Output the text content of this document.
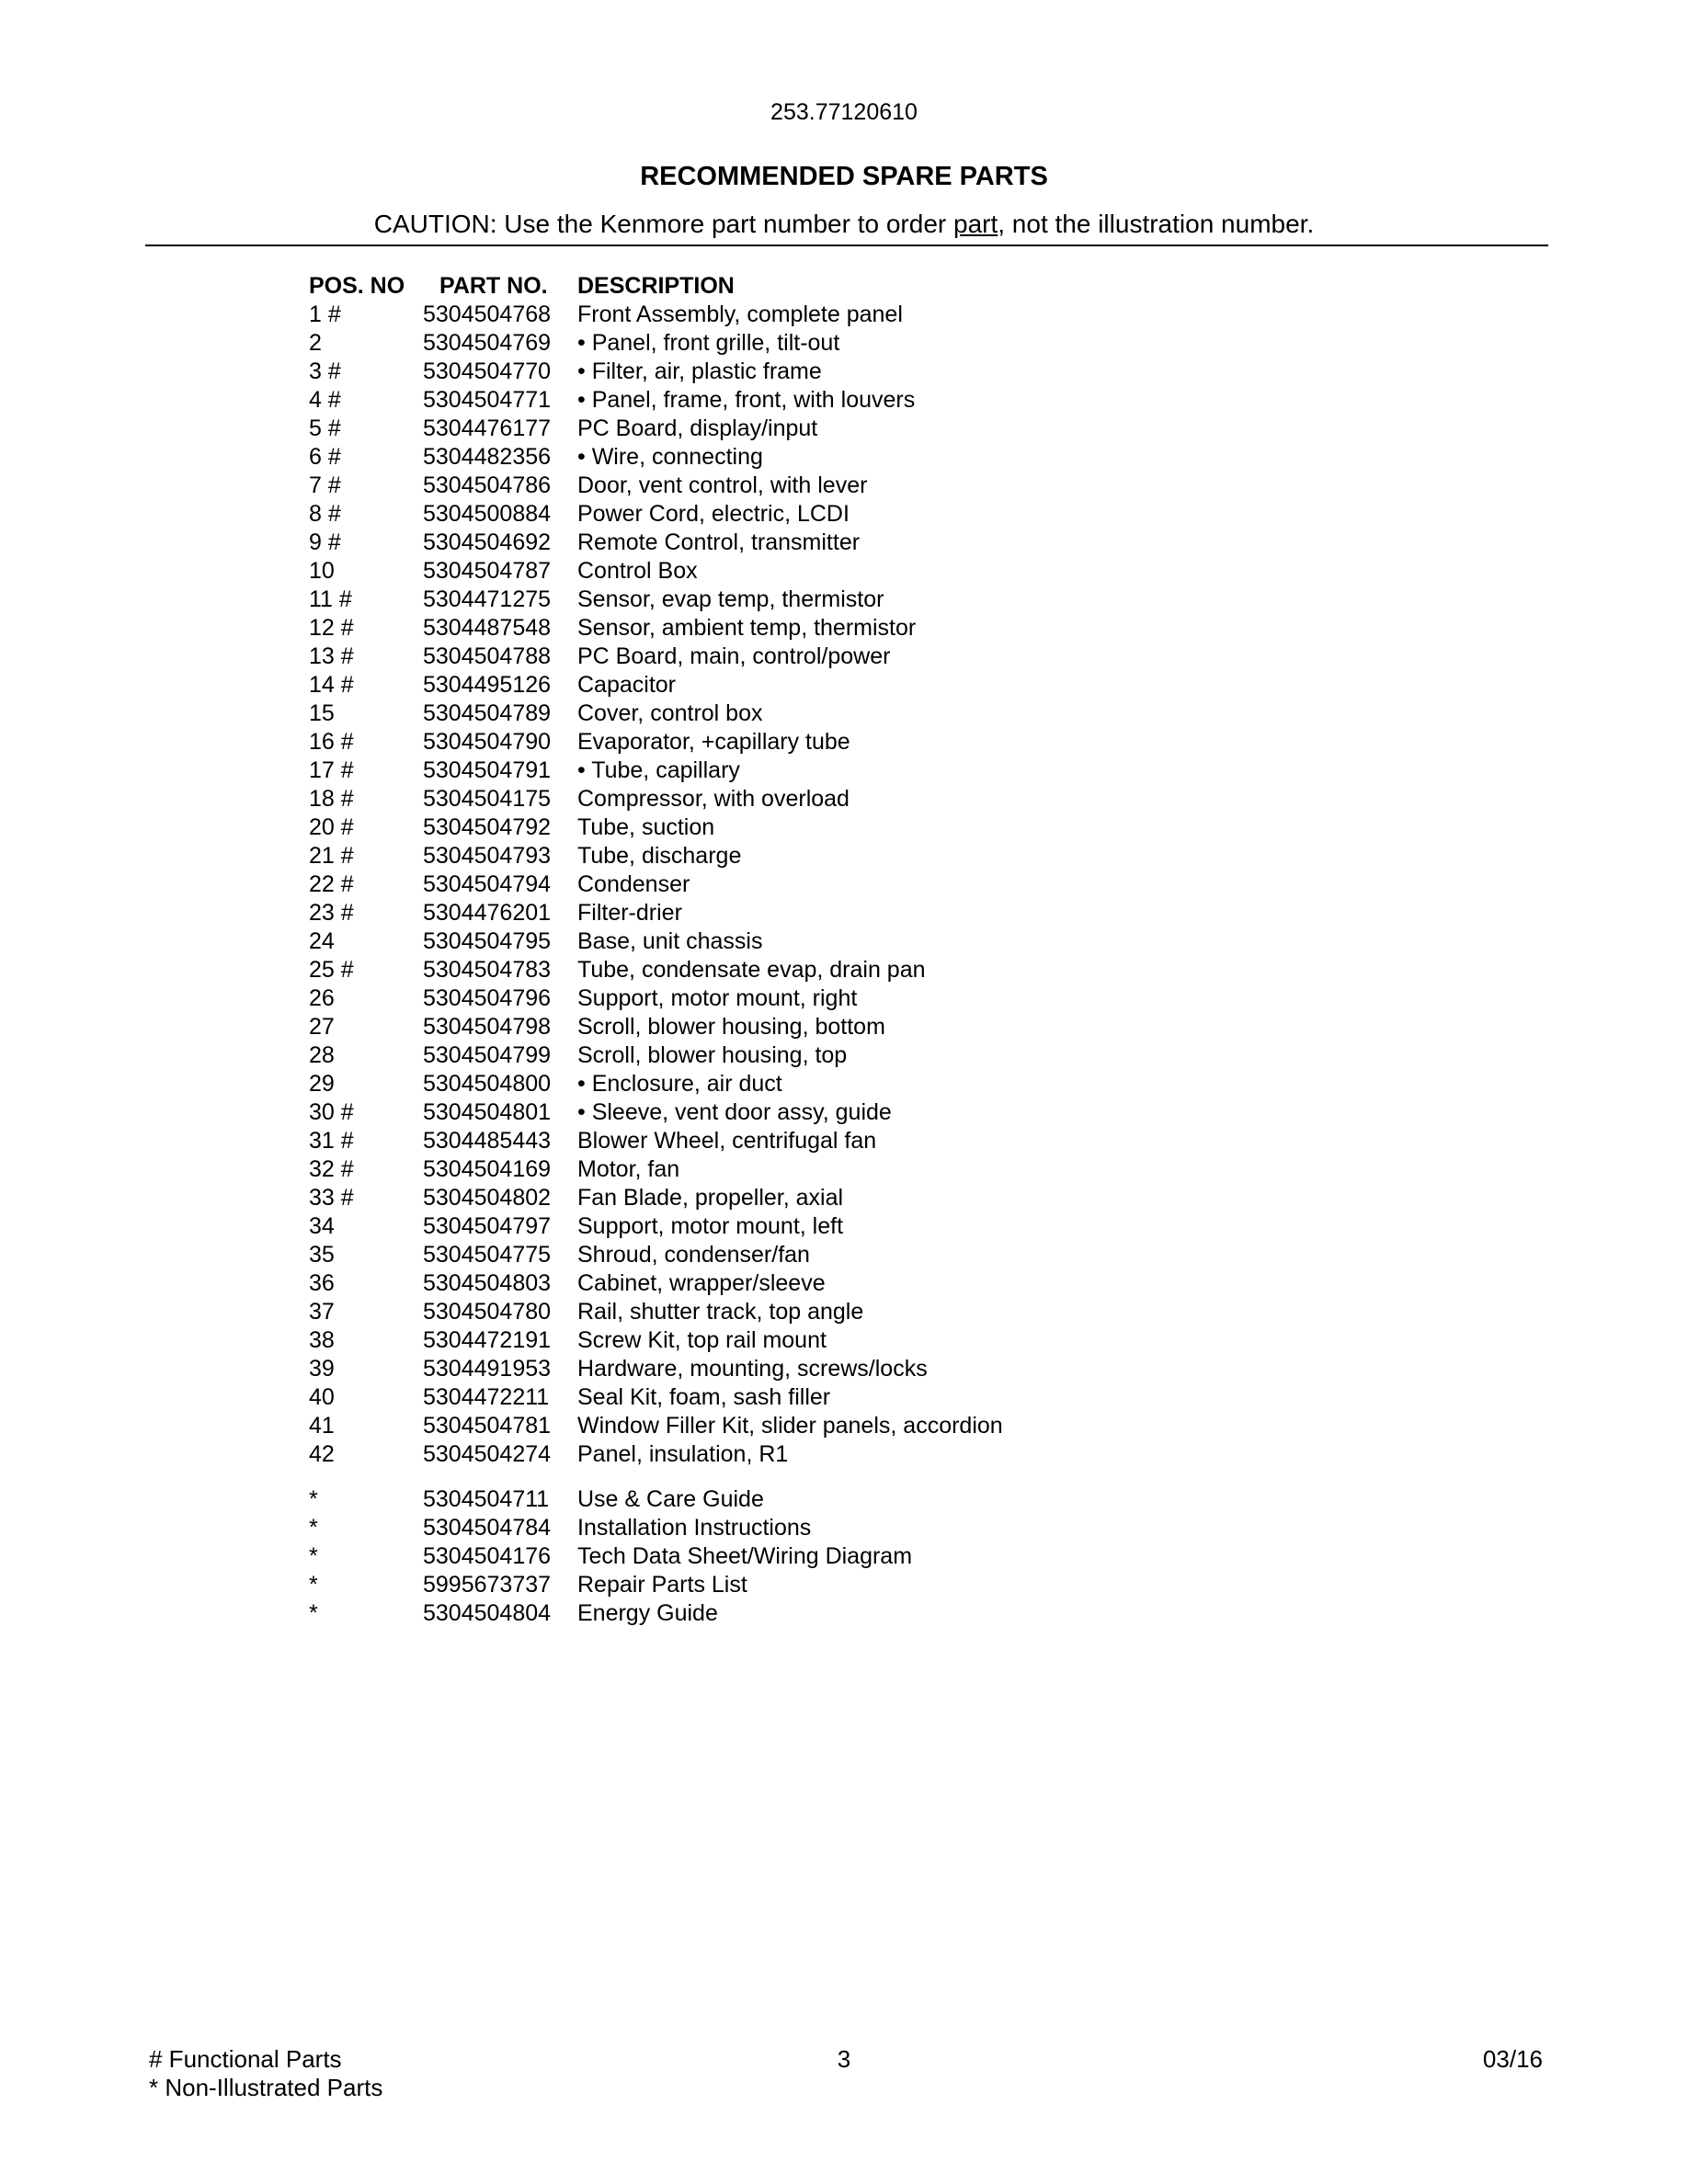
253.77120610
RECOMMENDED SPARE PARTS
CAUTION: Use the Kenmore part number to order part, not the illustration number.
POS. NO PART NO. DESCRIPTION
1 #	5304504768 Front Assembly, complete panel
2	5304504769 • Panel, front grille, tilt-out
3 #	5304504770 • Filter, air, plastic frame
4 #	5304504771 • Panel, frame, front, with louvers
5 #	5304476177 PC Board, display/input
6 #	5304482356 • Wire, connecting
7 #	5304504786 Door, vent control, with lever
8 #	5304500884 Power Cord, electric, LCDI
9 #	5304504692 Remote Control, transmitter
10	5304504787 Control Box
11 #	5304471275 Sensor, evap temp, thermistor
12 #	5304487548 Sensor, ambient temp, thermistor
13 #	5304504788 PC Board, main, control/power
14 #	5304495126 Capacitor
15	5304504789 Cover, control box
16 #	5304504790 Evaporator, +capillary tube
17 #	5304504791 • Tube, capillary
18 #	5304504175 Compressor, with overload
20 #	5304504792 Tube, suction
21 #	5304504793 Tube, discharge
22 #	5304504794 Condenser
23 #	5304476201 Filter-drier
24	5304504795 Base, unit chassis
25 #	5304504783 Tube, condensate evap, drain pan
26	5304504796 Support, motor mount, right
27	5304504798 Scroll, blower housing, bottom
28	5304504799 Scroll, blower housing, top
29	5304504800 • Enclosure, air duct
30 #	5304504801 • Sleeve, vent door assy, guide
31 #	5304485443 Blower Wheel, centrifugal fan
32 #	5304504169 Motor, fan
33 #	5304504802 Fan Blade, propeller, axial
34	5304504797 Support, motor mount, left
35	5304504775 Shroud, condenser/fan
36	5304504803 Cabinet, wrapper/sleeve
37	5304504780 Rail, shutter track, top angle
38	5304472191 Screw Kit, top rail mount
39	5304491953 Hardware, mounting, screws/locks
40	5304472211 Seal Kit, foam, sash filler
41	5304504781 Window Filler Kit, slider panels, accordion
42	5304504274 Panel, insulation, R1
*	5304504711 Use & Care Guide
*	5304504784 Installation Instructions
*	5304504176 Tech Data Sheet/Wiring Diagram
*	5995673737 Repair Parts List
*	5304504804 Energy Guide
# Functional Parts
* Non-Illustrated Parts
3	03/16
